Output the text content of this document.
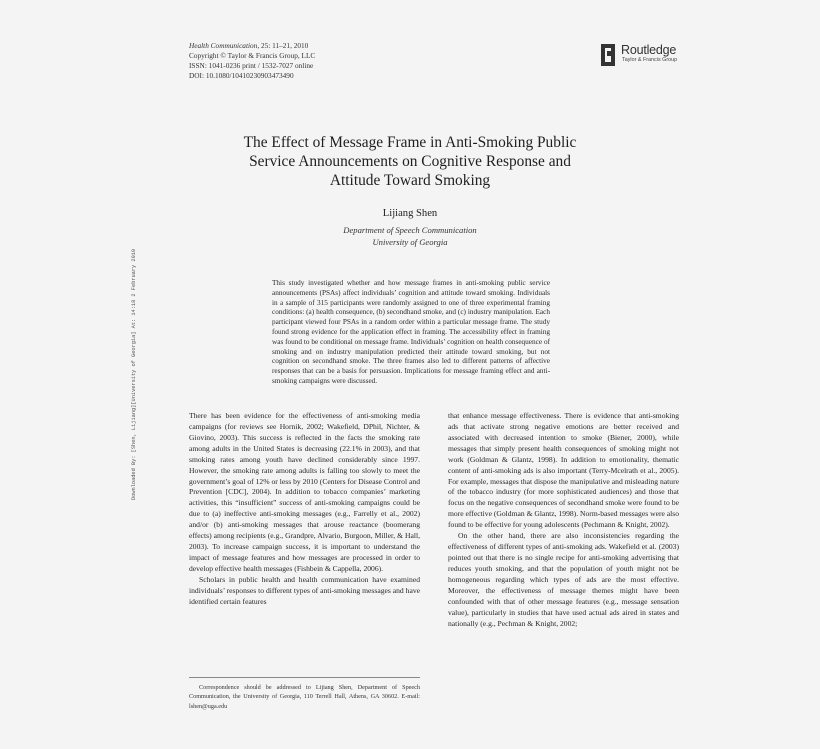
Health Communication, 25: 11–21, 2010
Copyright © Taylor & Francis Group, LLC
ISSN: 1041-0236 print / 1532-7027 online
DOI: 10.1080/10410230903473490
Routledge
Taylor & Francis Group
Downloaded By: [Shen, Lijiang][University of Georgia] At: 14:18 2 February 2010
The Effect of Message Frame in Anti-Smoking Public
Service Announcements on Cognitive Response and
Attitude Toward Smoking
Lijiang Shen
Department of Speech Communication
University of Georgia
This study investigated whether and how message frames in anti-smoking public service announcements (PSAs) affect individuals’ cognition and attitude toward smoking. Individuals in a sample of 315 participants were randomly assigned to one of three experimental framing conditions: (a) health consequence, (b) secondhand smoke, and (c) industry manipulation. Each participant viewed four PSAs in a random order within a particular message frame. The study found strong evidence for the application effect in framing. The accessibility effect in framing was found to be conditional on message frame. Individuals’ cognition on health consequence of smoking and on industry manipulation predicted their attitude toward smoking, but not cognition on secondhand smoke. The three frames also led to different patterns of affective responses that can be a basis for persuasion. Implications for message framing effect and anti-smoking campaigns were discussed.

There has been evidence for the effectiveness of anti-smoking media campaigns (for reviews see Hornik, 2002; Wakefield, DPhil, Nichter, & Giovino, 2003). This success is reflected in the facts the smoking rate among adults in the United States is decreasing (22.1% in 2003), and that smoking rates among youth have declined considerably since 1997. However, the smoking rate among adults is falling too slowly to meet the government’s goal of 12% or less by 2010 (Centers for Disease Control and Prevention [CDC], 2004). In addition to tobacco companies’ marketing activities, this “insufficient” success of anti-smoking campaigns could be due to (a) ineffective anti-smoking messages (e.g., Farrelly et al., 2002) and/or (b) anti-smoking messages that arouse reactance (boomerang effects) among recipients (e.g., Grandpre, Alvario, Burgoon, Miller, & Hall, 2003). To increase campaign success, it is important to understand the impact of message features and how messages are processed in order to develop effective health messages (Fishbein & Cappella, 2006).

Scholars in public health and health communication have examined individuals’ responses to different types of anti-smoking messages and have identified certain features

that enhance message effectiveness. There is evidence that anti-smoking ads that activate strong negative emotions are better received and associated with decreased intention to smoke (Biener, 2000), while messages that simply present health consequences of smoking might not work (Goldman & Glantz, 1998). In addition to emotionality, thematic content of anti-smoking ads is also important (Terry-Mcelrath et al., 2005). For example, messages that dispose the manipulative and misleading nature of the tobacco industry (for more sophisticated audiences) and those that focus on the negative consequences of secondhand smoke were found to be more effective (Goldman & Glantz, 1998). Norm-based messages were also found to be effective for young adolescents (Pechmann & Knight, 2002).

On the other hand, there are also inconsistencies regarding the effectiveness of different types of anti-smoking ads. Wakefield et al. (2003) pointed out that there is no single recipe for anti-smoking advertising that reduces youth smoking, and that the population of youth might not be homogeneous regarding which types of ads are the most effective. Moreover, the effectiveness of message themes might have been confounded with that of other message features (e.g., message sensation value), particularly in studies that have used actual ads aired in states and nationally (e.g., Pechman & Knight, 2002;

Correspondence should be addressed to Lijiang Shen, Department of Speech Communication, the University of Georgia, 110 Terrell Hall, Athens, GA 30602. E-mail: lshen@uga.edu
